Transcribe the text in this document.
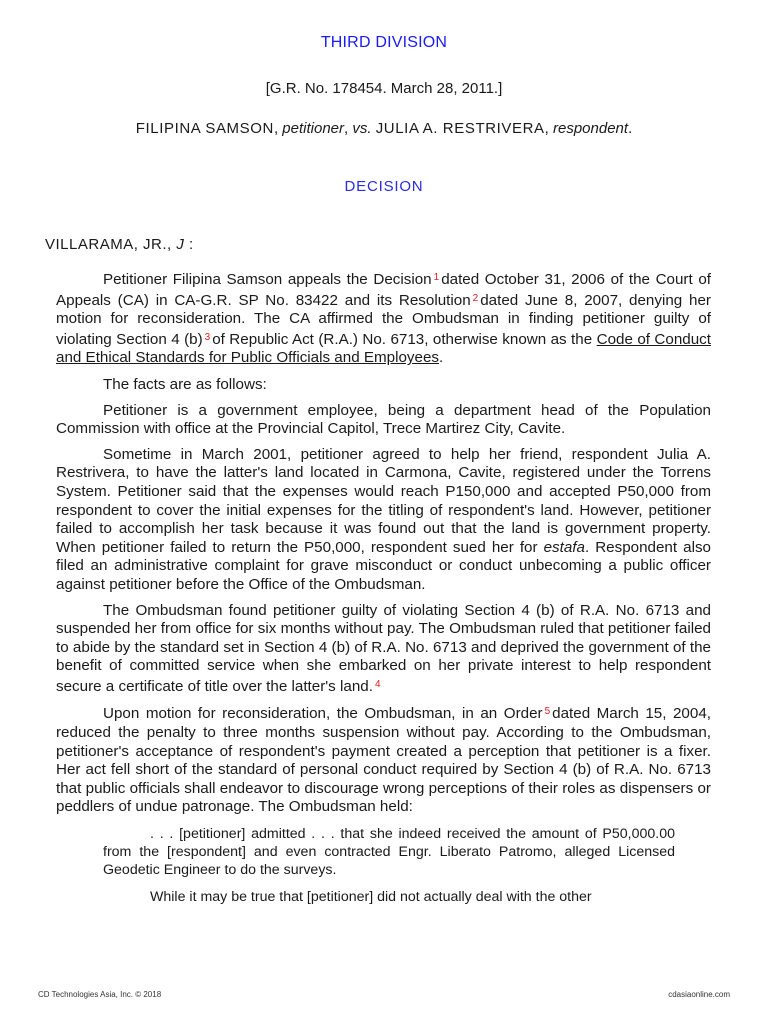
THIRD DIVISION
[G.R. No. 178454. March 28, 2011.]
FILIPINA SAMSON, petitioner, vs. JULIA A. RESTRIVERA, respondent.
DECISION
VILLARAMA, JR., J :

Petitioner Filipina Samson appeals the Decision $^1$ dated October 31, 2006 of the Court of Appeals (CA) in CA-G.R. SP No. 83422 and its Resolution $^2$ dated June 8, 2007, denying her motion for reconsideration. The CA affirmed the Ombudsman in finding petitioner guilty of violating Section 4 (b) $^3$ of Republic Act (R.A.) No. 6713, otherwise known as the Code of Conduct and Ethical Standards for Public Officials and Employees.

The facts are as follows:

Petitioner is a government employee, being a department head of the Population Commission with office at the Provincial Capitol, Trece Martirez City, Cavite.

Sometime in March 2001, petitioner agreed to help her friend, respondent Julia A. Restrivera, to have the latter's land located in Carmona, Cavite, registered under the Torrens System. Petitioner said that the expenses would reach P150,000 and accepted P50,000 from respondent to cover the initial expenses for the titling of respondent's land. However, petitioner failed to accomplish her task because it was found out that the land is government property. When petitioner failed to return the P50,000, respondent sued her for estafa. Respondent also filed an administrative complaint for grave misconduct or conduct unbecoming a public officer against petitioner before the Office of the Ombudsman.

The Ombudsman found petitioner guilty of violating Section 4 (b) of R.A. No. 6713 and suspended her from office for six months without pay. The Ombudsman ruled that petitioner failed to abide by the standard set in Section 4 (b) of R.A. No. 6713 and deprived the government of the benefit of committed service when she embarked on her private interest to help respondent secure a certificate of title over the latter's land. $^4$

Upon motion for reconsideration, the Ombudsman, in an Order $^5$ dated March 15, 2004, reduced the penalty to three months suspension without pay. According to the Ombudsman, petitioner's acceptance of respondent's payment created a perception that petitioner is a fixer. Her act fell short of the standard of personal conduct required by Section 4 (b) of R.A. No. 6713 that public officials shall endeavor to discourage wrong perceptions of their roles as dispensers or peddlers of undue patronage. The Ombudsman held:

. . . [petitioner] admitted . . . that she indeed received the amount of P50,000.00 from the [respondent] and even contracted Engr. Liberato Patromo, alleged Licensed Geodetic Engineer to do the surveys.

While it may be true that [petitioner] did not actually deal with the other

CD Technologies Asia, Inc. © 2018	cdasiaonline.com
